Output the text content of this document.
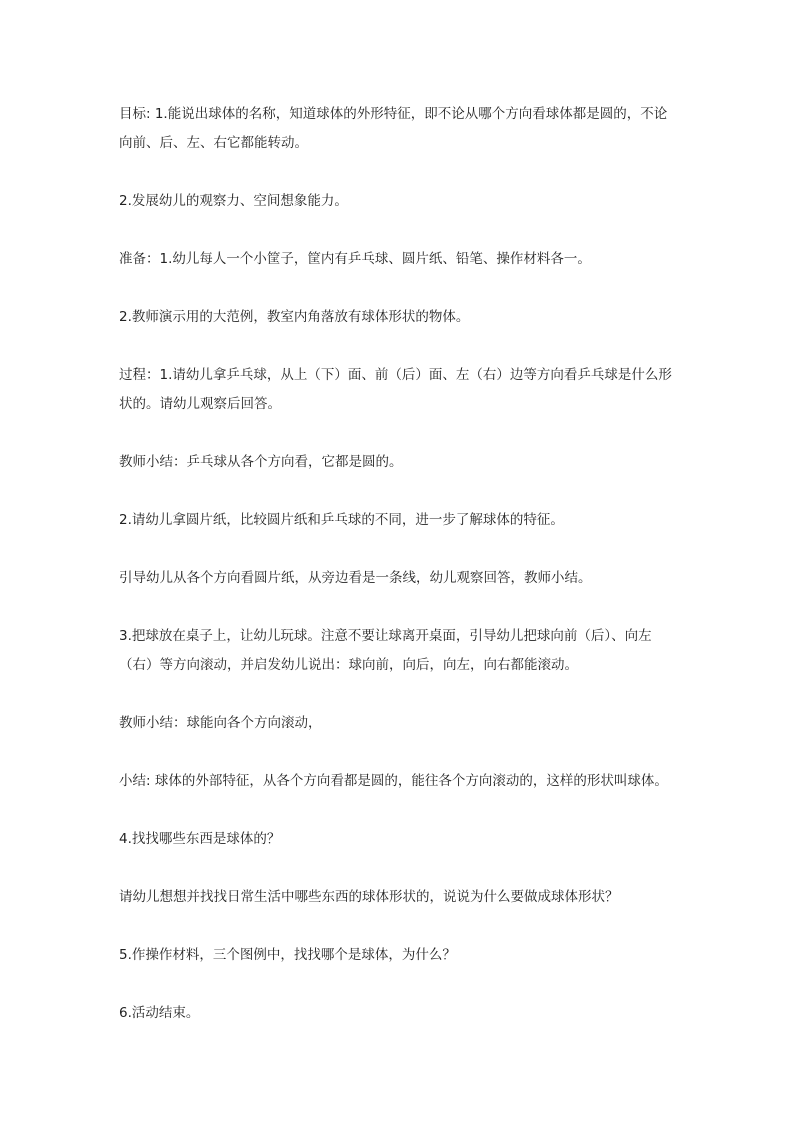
目标: 1.能说出球体的名称，知道球体的外形特征，即不论从哪个方向看球体都是圆的，不论向前、后、左、右它都能转动。

2.发展幼儿的观察力、空间想象能力。

准备：1.幼儿每人一个小筐子，筐内有乒乓球、圆片纸、铅笔、操作材料各一。

2.教师演示用的大范例，教室内角落放有球体形状的物体。

过程：1.请幼儿拿乒乓球，从上（下）面、前（后）面、左（右）边等方向看乒乓球是什么形状的。请幼儿观察后回答。

教师小结：乒乓球从各个方向看，它都是圆的。

2.请幼儿拿圆片纸，比较圆片纸和乒乓球的不同，进一步了解球体的特征。

引导幼儿从各个方向看圆片纸，从旁边看是一条线，幼儿观察回答，教师小结。

3.把球放在桌子上，让幼儿玩球。注意不要让球离开桌面，引导幼儿把球向前（后）、向左（右）等方向滚动，并启发幼儿说出：球向前，向后，向左，向右都能滚动。

教师小结：球能向各个方向滚动，

小结: 球体的外部特征，从各个方向看都是圆的，能往各个方向滚动的，这样的形状叫球体。

4.找找哪些东西是球体的？

请幼儿想想并找找日常生活中哪些东西的球体形状的，说说为什么要做成球体形状？

5.作操作材料，三个图例中，找找哪个是球体，为什么？

6.活动结束。
